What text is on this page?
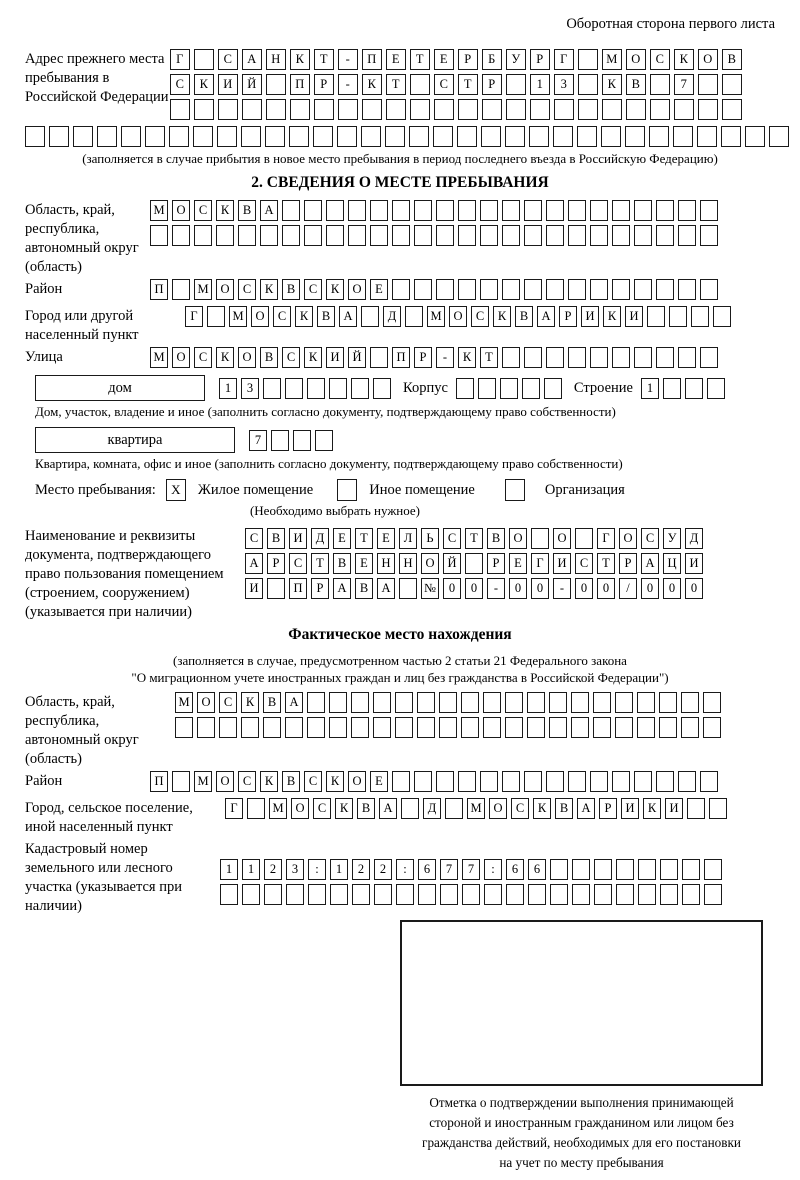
Оборотная сторона первого листа
Адрес прежнего места пребывания в Российской Федерации
Г	С	А	Н	К	Т	-	П	Е	Т	Е	Р	Б	У	Р	Г	М	О	С	К	О	В
С	К	И	Й	П	Р	-	К	Т	С	Т	Р	1	3	К	В	7
(заполняется в случае прибытия в новое место пребывания в период последнего въезда в Российскую Федерацию)
2. СВЕДЕНИЯ О МЕСТЕ ПРЕБЫВАНИЯ
Область, край, республика, автономный округ (область)
М О	С	К	В	А
Район	П	М О	С	К	В	С	К	О	Е
Город или другой населенный пункт
Г	М О	С	К	В	А	Д	М О	С	К	В	А	Р	И	К	И
Улица	М О	С	К	О	В	С	К	И	Й	П	Р	-	К	Т
дом	1	3	Корпус	Строение	1
Дом, участок, владение и иное (заполнить согласно документу, подтверждающему право собственности)
квартира	7
Квартира, комната, офис и иное (заполнить согласно документу, подтверждающему право собственности)
Место пребывания:	X	Жилое помещение	Иное помещение	Организация
(Необходимо выбрать нужное)
Наименование и реквизиты документа, подтверждающего право пользования помещением (строением, сооружением) (указывается при наличии)
С	В	И	Д	Е	Т	Е	Л	Ь	С	Т	В	О	О	Г	О	С	У	Д
А	Р	С	Т	В	Е	Н	Н	О	Й	Р	Е	Г	И	С	Т	Р	А	Ц	И
И	П	Р	А	В	А	№	0	0	-	0	0	-	0	0	/	0	0	0
Фактическое место нахождения
(заполняется в случае, предусмотренном частью 2 статьи 21 Федерального закона
"О миграционном учете иностранных граждан и лиц без гражданства в Российской Федерации")
Область, край, республика, автономный округ (область)
М О	С	К	В	А
Район	П	М О	С	К	В	С	К	О	Е
Город, сельское поселение, иной населенный пункт
Г	М О	С	К	В	А	Д	М О	С	К	В	А	Р	И	К	И
Кадастровый номер земельного или лесного участка (указывается при наличии)
1	1	2	3	:	1	2	2	:	6	7	7	:	6	6
Отметка о подтверждении выполнения принимающей
стороной и иностранным гражданином или лицом без
гражданства действий, необходимых для его постановки
на учет по месту пребывания
